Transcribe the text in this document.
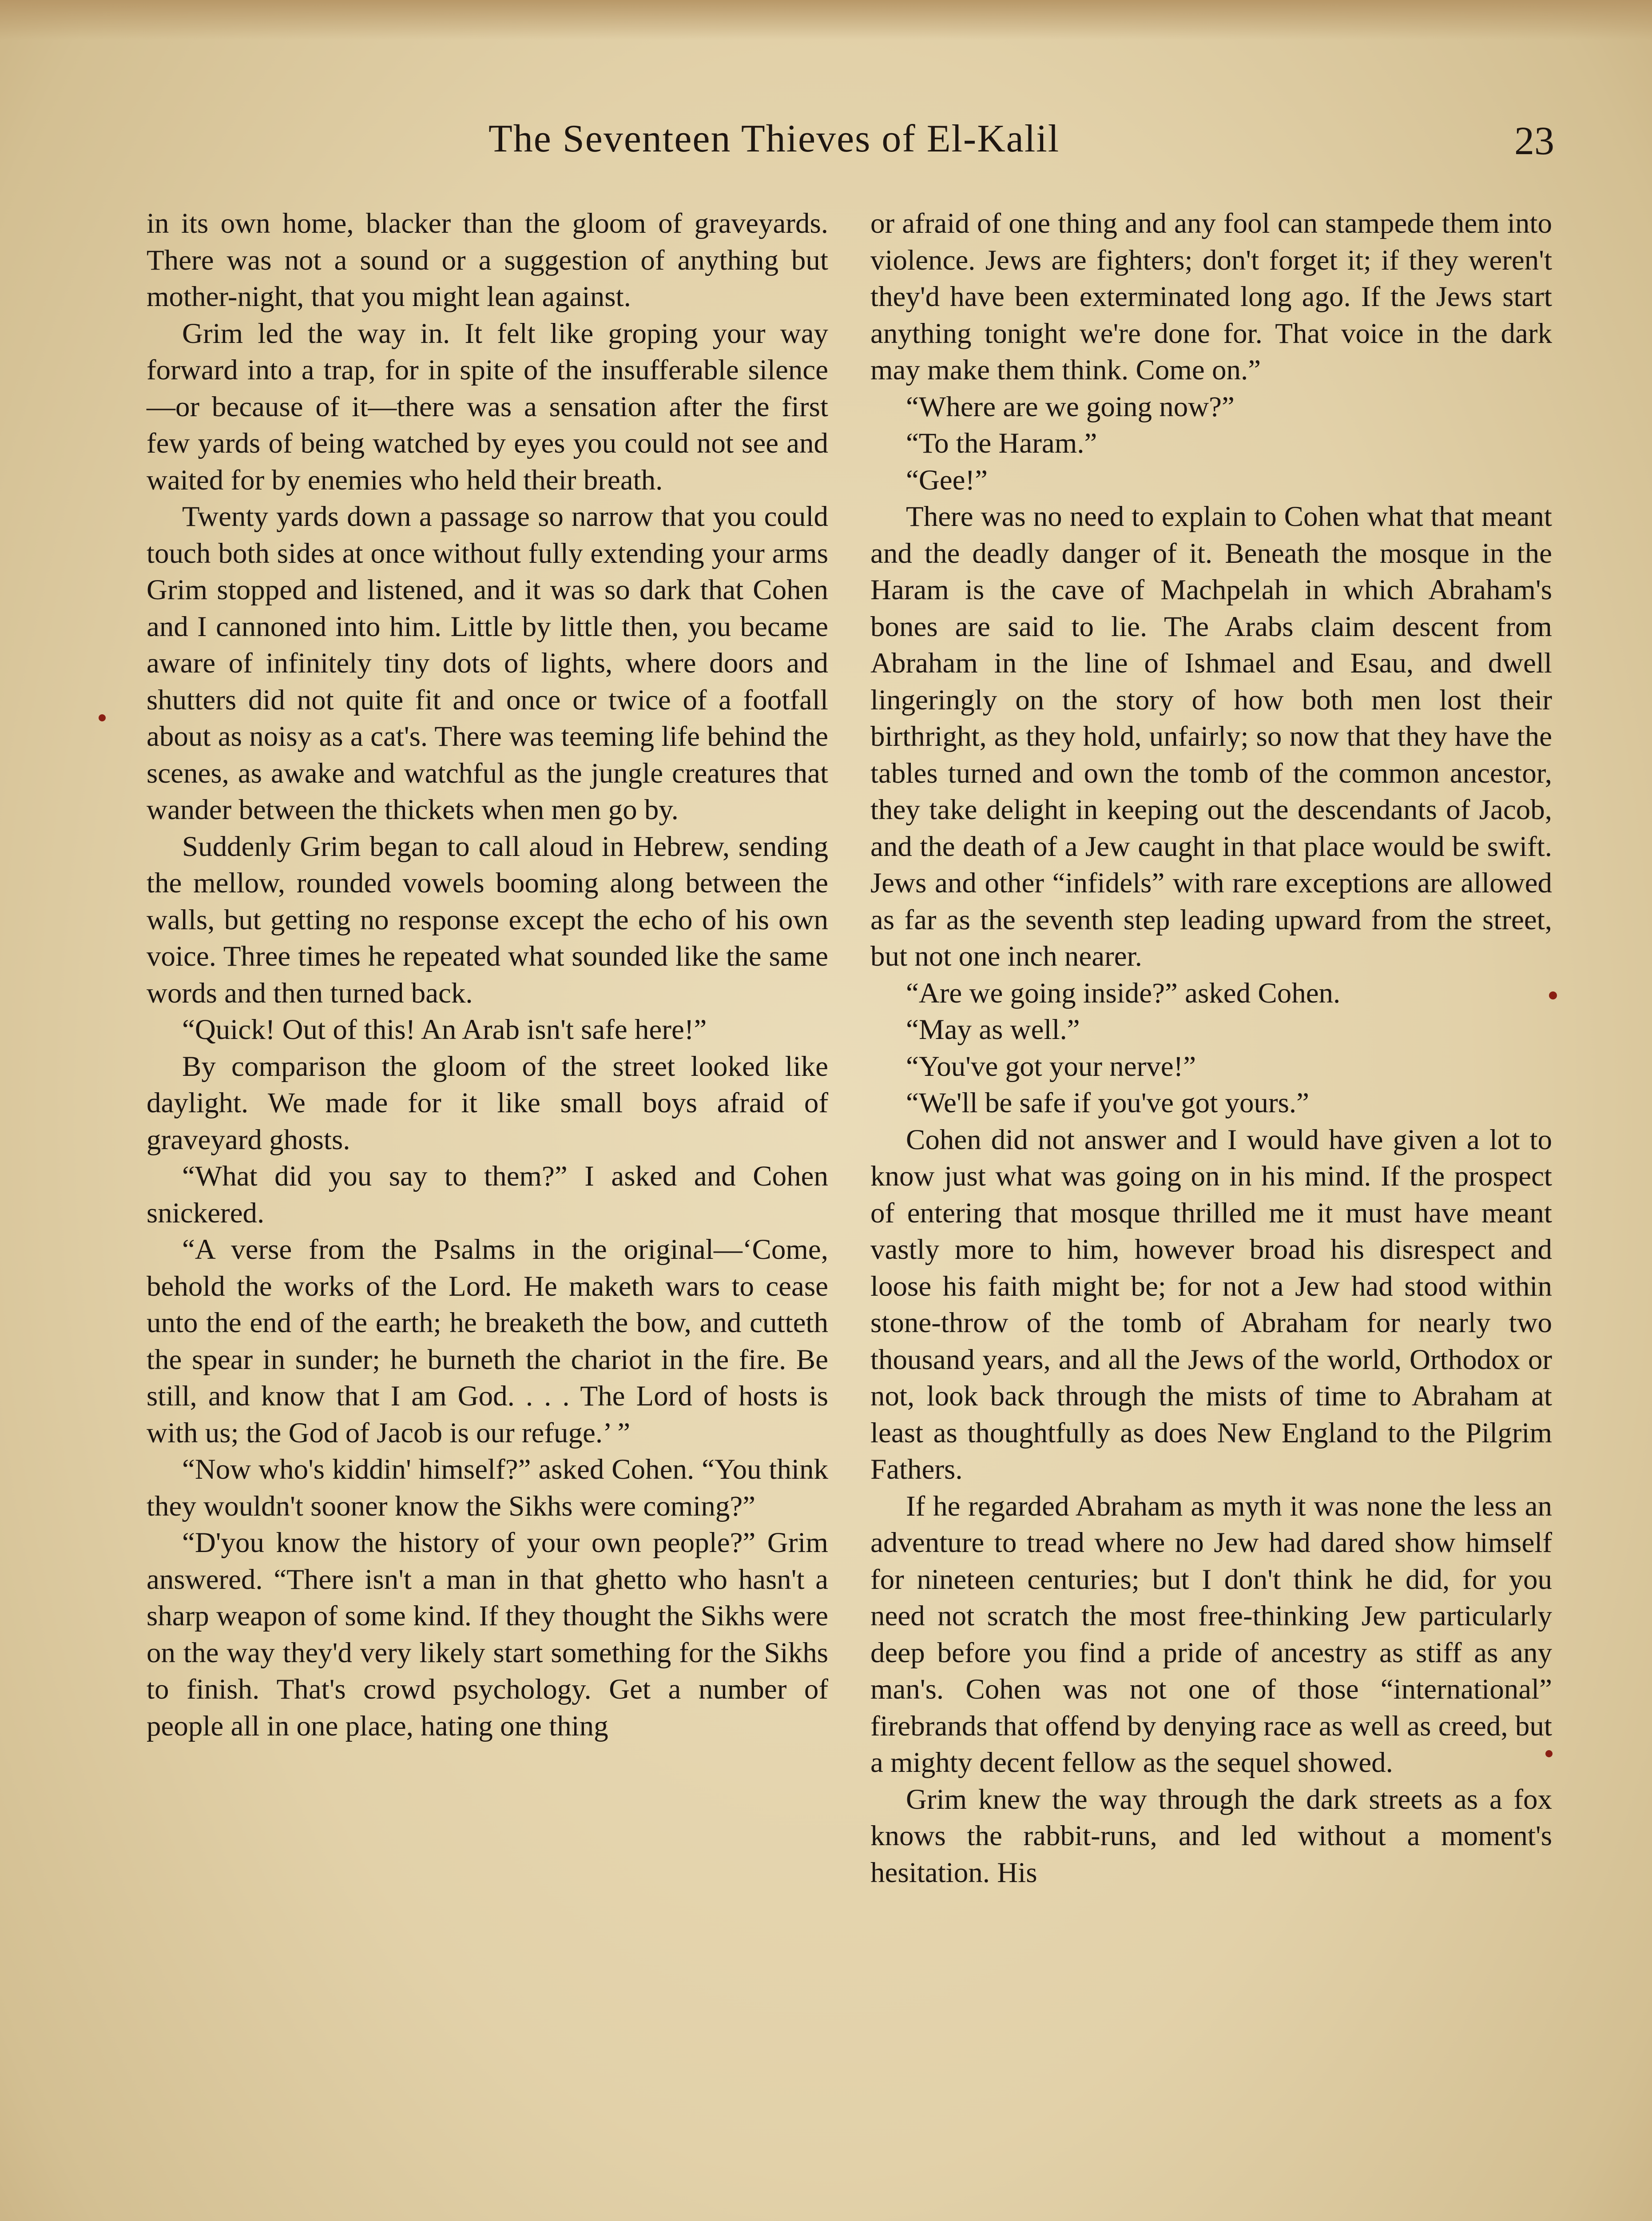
The Seventeen Thieves of El-Kalil	23

in its own home, blacker than the gloom of graveyards. There was not a sound or a suggestion of anything but mother-night, that you might lean against.

Grim led the way in. It felt like groping your way forward into a trap, for in spite of the insufferable silence—or because of it—there was a sensation after the first few yards of being watched by eyes you could not see and waited for by enemies who held their breath.

Twenty yards down a passage so narrow that you could touch both sides at once without fully extending your arms Grim stopped and listened, and it was so dark that Cohen and I cannoned into him. Little by little then, you became aware of infinitely tiny dots of lights, where doors and shutters did not quite fit and once or twice of a footfall about as noisy as a cat's. There was teeming life behind the scenes, as awake and watchful as the jungle creatures that wander between the thickets when men go by.

Suddenly Grim began to call aloud in Hebrew, sending the mellow, rounded vowels booming along between the walls, but getting no response except the echo of his own voice. Three times he repeated what sounded like the same words and then turned back.

“Quick! Out of this! An Arab isn't safe here!”

By comparison the gloom of the street looked like daylight. We made for it like small boys afraid of graveyard ghosts.

“What did you say to them?” I asked and Cohen snickered.

“A verse from the Psalms in the original—‘Come, behold the works of the Lord. He maketh wars to cease unto the end of the earth; he breaketh the bow, and cutteth the spear in sunder; he burneth the chariot in the fire. Be still, and know that I am God. . . . The Lord of hosts is with us; the God of Jacob is our refuge.’ ”

“Now who's kiddin' himself?” asked Cohen. “You think they wouldn't sooner know the Sikhs were coming?”

“D'you know the history of your own people?” Grim answered. “There isn't a man in that ghetto who hasn't a sharp weapon of some kind. If they thought the Sikhs were on the way they'd very likely start something for the Sikhs to finish. That's crowd psychology. Get a number of people all in one place, hating one thing

or afraid of one thing and any fool can stampede them into violence. Jews are fighters; don't forget it; if they weren't they'd have been exterminated long ago. If the Jews start anything tonight we're done for. That voice in the dark may make them think. Come on.”

“Where are we going now?”

“To the Haram.”

“Gee!”

There was no need to explain to Cohen what that meant and the deadly danger of it. Beneath the mosque in the Haram is the cave of Machpelah in which Abraham's bones are said to lie. The Arabs claim descent from Abraham in the line of Ishmael and Esau, and dwell lingeringly on the story of how both men lost their birthright, as they hold, unfairly; so now that they have the tables turned and own the tomb of the common ancestor, they take delight in keeping out the descendants of Jacob, and the death of a Jew caught in that place would be swift. Jews and other “infidels” with rare exceptions are allowed as far as the seventh step leading upward from the street, but not one inch nearer.

“Are we going inside?” asked Cohen.

“May as well.”

“You've got your nerve!”

“We'll be safe if you've got yours.”

Cohen did not answer and I would have given a lot to know just what was going on in his mind. If the prospect of entering that mosque thrilled me it must have meant vastly more to him, however broad his disrespect and loose his faith might be; for not a Jew had stood within stone-throw of the tomb of Abraham for nearly two thousand years, and all the Jews of the world, Orthodox or not, look back through the mists of time to Abraham at least as thoughtfully as does New England to the Pilgrim Fathers.

If he regarded Abraham as myth it was none the less an adventure to tread where no Jew had dared show himself for nineteen centuries; but I don't think he did, for you need not scratch the most free-thinking Jew particularly deep before you find a pride of ancestry as stiff as any man's. Cohen was not one of those “international” firebrands that offend by denying race as well as creed, but a mighty decent fellow as the sequel showed.

Grim knew the way through the dark streets as a fox knows the rabbit-runs, and led without a moment's hesitation. His
